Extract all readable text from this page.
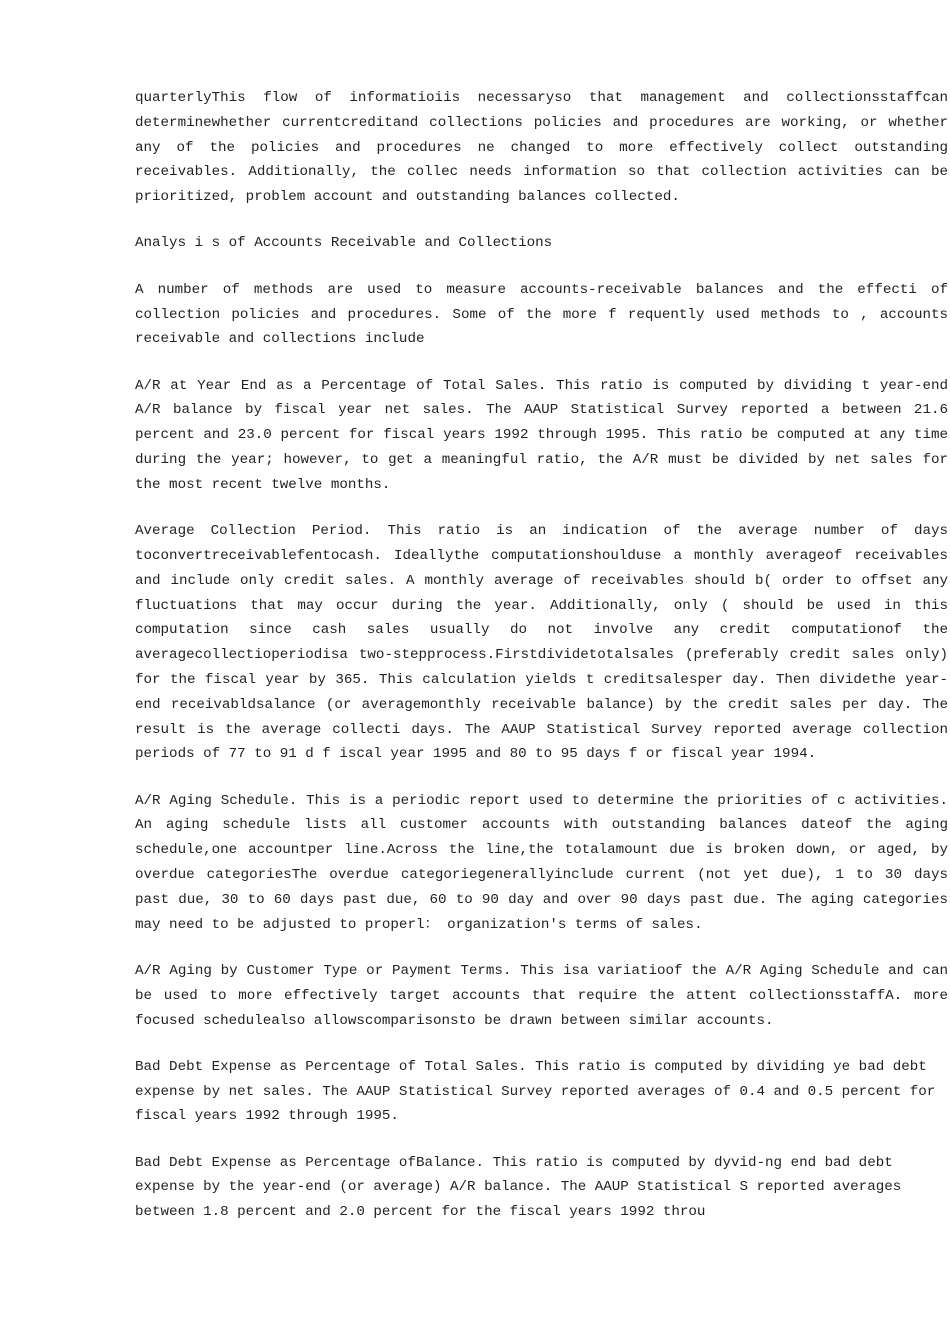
quarterlyThis flow of informatioiis necessaryso that management and collectionsstaffcan determinewhether currentcreditand collections policies and procedures are working, or whether any of the policies and procedures ne changed to more effectively collect outstanding receivables. Additionally, the collec needs information so that collection activities can be prioritized, problem account and outstanding balances collected.

Analys i s of Accounts Receivable and Collections

A number of methods are used to measure accounts-receivable balances and the effecti of collection policies and procedures. Some of the more f requently used methods to , accounts receivable and collections include

A/R at Year End as a Percentage of Total Sales. This ratio is computed by dividing t year-end A/R balance by fiscal year net sales. The AAUP Statistical Survey reported a between 21.6 percent and 23.0 percent for fiscal years 1992 through 1995. This ratio be computed at any time during the year; however, to get a meaningful ratio, the A/R must be divided by net sales for the most recent twelve months.

Average Collection Period. This ratio is an indication of the average number of days toconvertreceivablefentocash. Ideallythe computationshoulduse a monthly averageof receivables and include only credit sales. A monthly average of receivables should b( order to offset any fluctuations that may occur during the year. Additionally, only ( should be used in this computation since cash sales usually do not involve any credit computationof the averagecollectioperiodisa two-stepprocess.Firstdividetotalsales (preferably credit sales only) for the fiscal year by 365. This calculation yields t creditsalesper day. Then dividethe year-end receivabldsalance (or averagemonthly receivable balance) by the credit sales per day. The result is the average collecti days. The AAUP Statistical Survey reported average collection periods of 77 to 91 d f iscal year 1995 and 80 to 95 days f or fiscal year 1994.

A/R Aging Schedule. This is a periodic report used to determine the priorities of c activities. An aging schedule lists all customer accounts with outstanding balances dateof the aging schedule,one accountper line.Across the line,the totalamount due is broken down, or aged, by overdue categoriesThe overdue categoriegenerallyinclude current (not yet due), 1 to 30 days past due, 30 to 60 days past due, 60 to 90 day and over 90 days past due. The aging categories may need to be adjusted to properl： organization's terms of sales.

A/R Aging by Customer Type or Payment Terms. This isa variatioof the A/R Aging Schedule and can be used to more effectively target accounts that require the attent collectionsstaffA. more focused schedulealso allowscomparisonsto be drawn between similar accounts.

Bad Debt Expense as Percentage of Total Sales. This ratio is computed by dividing ye bad debt expense by net sales. The AAUP Statistical Survey reported averages of 0.4 and 0.5 percent for fiscal years 1992 through 1995.

Bad Debt Expense as Percentage ofBalance. This ratio is computed by dyvid-ng end bad debt expense by the year-end (or average) A/R balance. The AAUP Statistical S reported averages between 1.8 percent and 2.0 percent for the fiscal years 1992 throu
